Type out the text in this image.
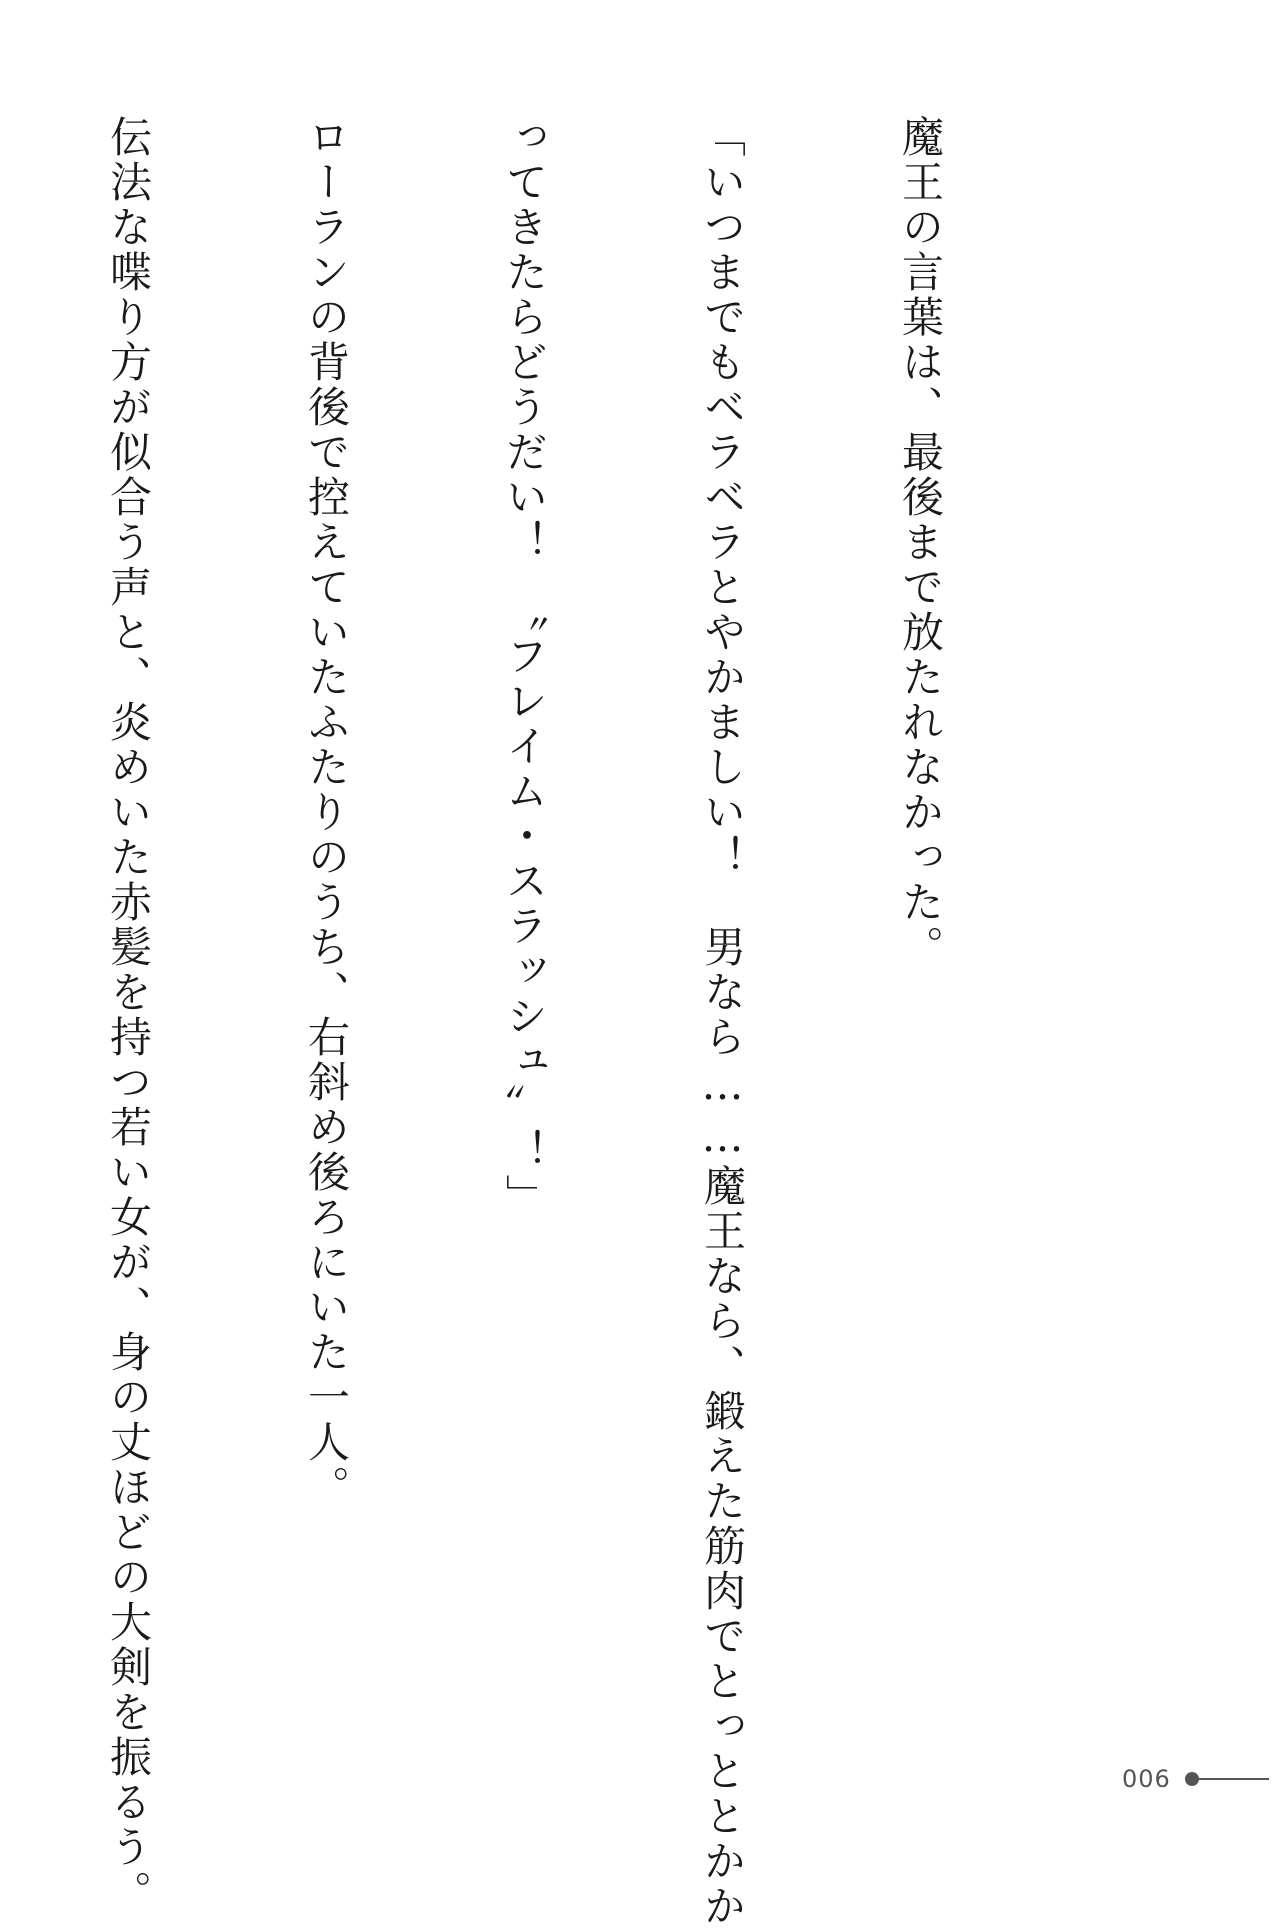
魔王の言葉は、最後まで放たれなかった。

「いつまでもベラベラとやかましい！　男なら……魔王なら、鍛えた筋肉でとっととかか

ってきたらどうだい！　〝フレイム・スラッシュ〟！」

ローランの背後で控えていたふたりのうち、右斜め後ろにいた一人。

伝法な喋り方が似合う声と、炎めいた赤髪を持つ若い女が、身の丈ほどの大剣を振るう。

	006
